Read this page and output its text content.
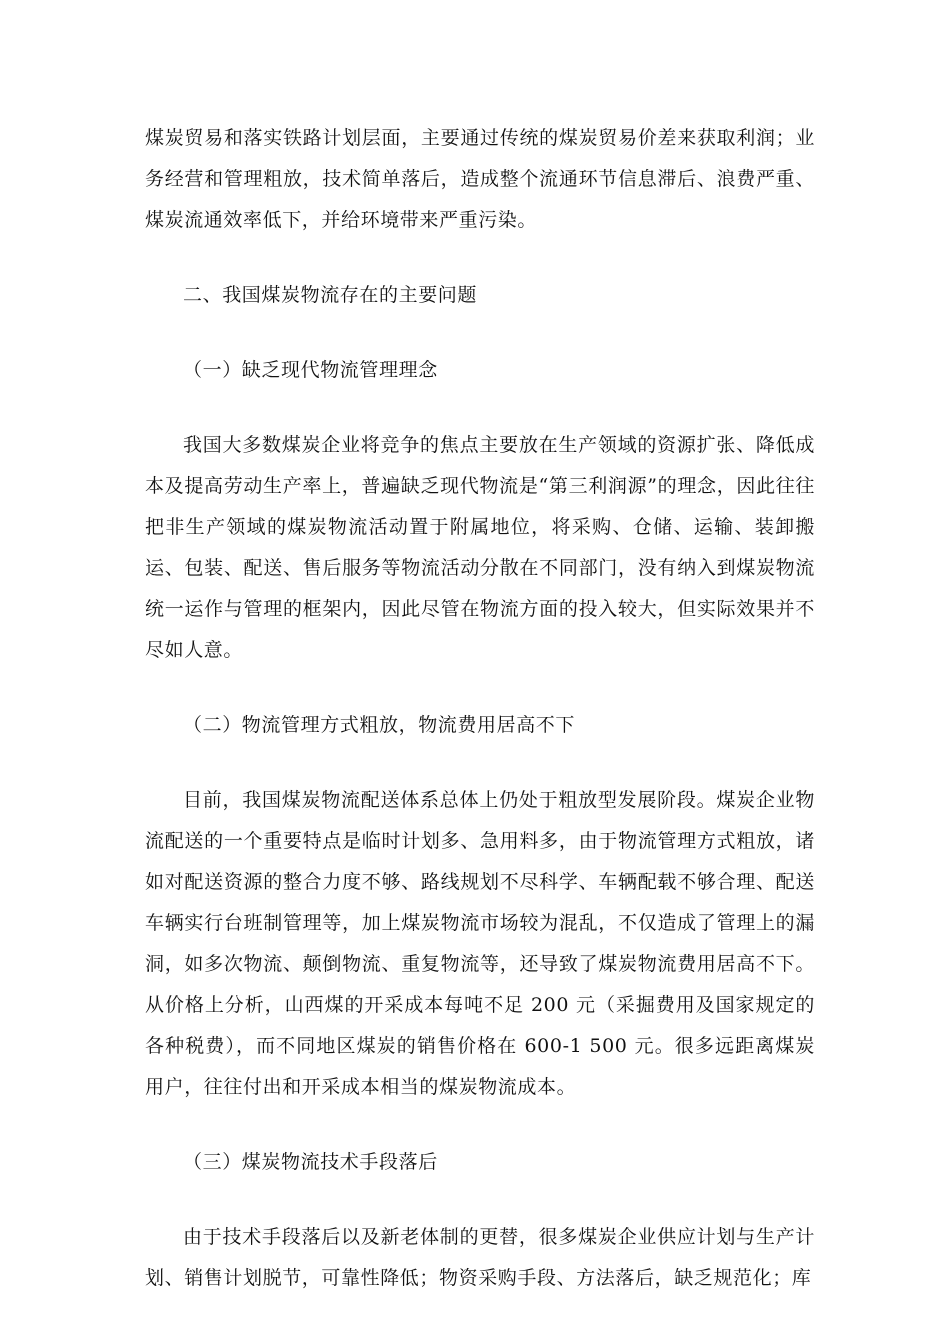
煤炭贸易和落实铁路计划层面，主要通过传统的煤炭贸易价差来获取利润；业务经营和管理粗放，技术简单落后，造成整个流通环节信息滞后、浪费严重、煤炭流通效率低下，并给环境带来严重污染。

二、我国煤炭物流存在的主要问题

（一）缺乏现代物流管理理念

我国大多数煤炭企业将竞争的焦点主要放在生产领域的资源扩张、降低成本及提高劳动生产率上，普遍缺乏现代物流是“第三利润源”的理念，因此往往把非生产领域的煤炭物流活动置于附属地位，将采购、仓储、运输、装卸搬运、包装、配送、售后服务等物流活动分散在不同部门，没有纳入到煤炭物流统一运作与管理的框架内，因此尽管在物流方面的投入较大，但实际效果并不尽如人意。

（二）物流管理方式粗放，物流费用居高不下

目前，我国煤炭物流配送体系总体上仍处于粗放型发展阶段。煤炭企业物流配送的一个重要特点是临时计划多、急用料多，由于物流管理方式粗放，诸如对配送资源的整合力度不够、路线规划不尽科学、车辆配载不够合理、配送车辆实行台班制管理等，加上煤炭物流市场较为混乱，不仅造成了管理上的漏洞，如多次物流、颠倒物流、重复物流等，还导致了煤炭物流费用居高不下。从价格上分析，山西煤的开采成本每吨不足 200 元（采掘费用及国家规定的各种税费），而不同地区煤炭的销售价格在 600-1 500 元。很多远距离煤炭用户，往往付出和开采成本相当的煤炭物流成本。

（三）煤炭物流技术手段落后

由于技术手段落后以及新老体制的更替，很多煤炭企业供应计划与生产计划、销售计划脱节，可靠性降低；物资采购手段、方法落后，缺乏规范化；库
